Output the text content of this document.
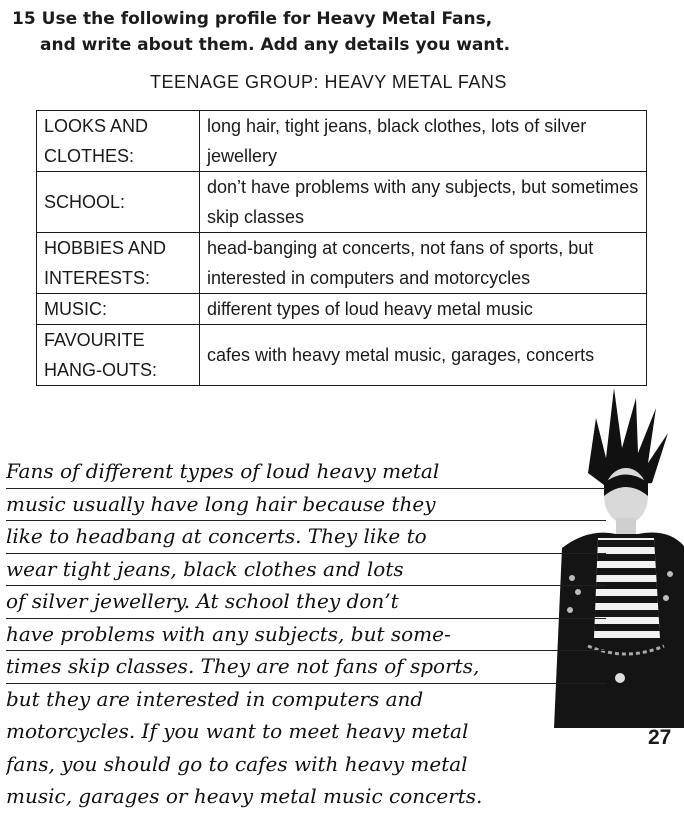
15 Use the following profile for Heavy Metal Fans,
and write about them. Add any details you want.
TEENAGE GROUP: HEAVY METAL FANS
LOOKS AND CLOTHES:	long hair, tight jeans, black clothes, lots of silver jewellery
SCHOOL:	don’t have problems with any subjects, but sometimes skip classes
HOBBIES AND INTERESTS:	head-banging at concerts, not fans of sports, but interested in computers and motorcycles
MUSIC:	different types of loud heavy metal music
FAVOURITE HANG-OUTS:	cafes with heavy metal music, garages, concerts
Fans of different types of loud heavy metal
music usually have long hair because they
like to headbang at concerts. They like to
wear tight jeans, black clothes and lots
of silver jewellery. At school they don’t
have problems with any subjects, but some-
times skip classes. They are not fans of sports,
but they are interested in computers and
motorcycles. If you want to meet heavy metal
fans, you should go to cafes with heavy metal
music, garages or heavy metal music concerts.
27
